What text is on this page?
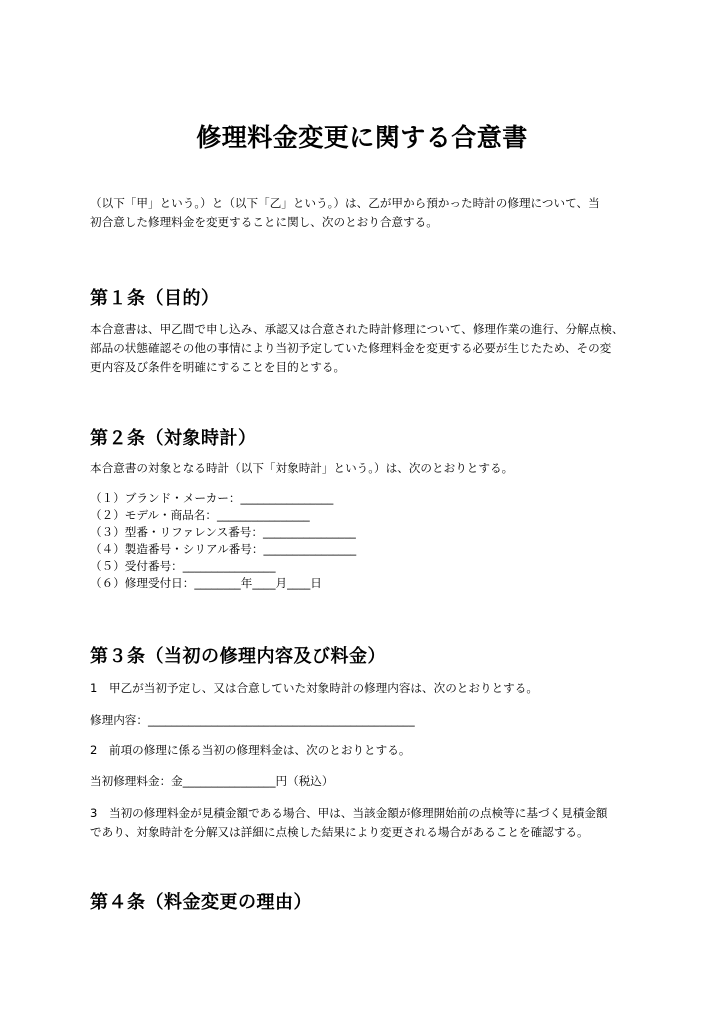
修理料金変更に関する合意書

（以下「甲」という。）と（以下「乙」という。）は、乙が甲から預かった時計の修理について、当
初合意した修理料金を変更することに関し、次のとおり合意する。

第１条（目的）

本合意書は、甲乙間で申し込み、承認又は合意された時計修理について、修理作業の進行、分解点検、
部品の状態確認その他の事情により当初予定していた修理料金を変更する必要が生じたため、その変
更内容及び条件を明確にすることを目的とする。

第２条（対象時計）

本合意書の対象となる時計（以下「対象時計」という。）は、次のとおりとする。

（１）ブランド・メーカー：________________
（２）モデル・商品名：________________
（３）型番・リファレンス番号：________________
（４）製造番号・シリアル番号：________________
（５）受付番号：________________
（６）修理受付日：________年____月____日
第３条（当初の修理内容及び料金）

1　甲乙が当初予定し、又は合意していた対象時計の修理内容は、次のとおりとする。

修理内容：______________________________________________

2　前項の修理に係る当初の修理料金は、次のとおりとする。

当初修理料金：金________________円（税込）

3　当初の修理料金が見積金額である場合、甲は、当該金額が修理開始前の点検等に基づく見積金額
であり、対象時計を分解又は詳細に点検した結果により変更される場合があることを確認する。

第４条（料金変更の理由）
